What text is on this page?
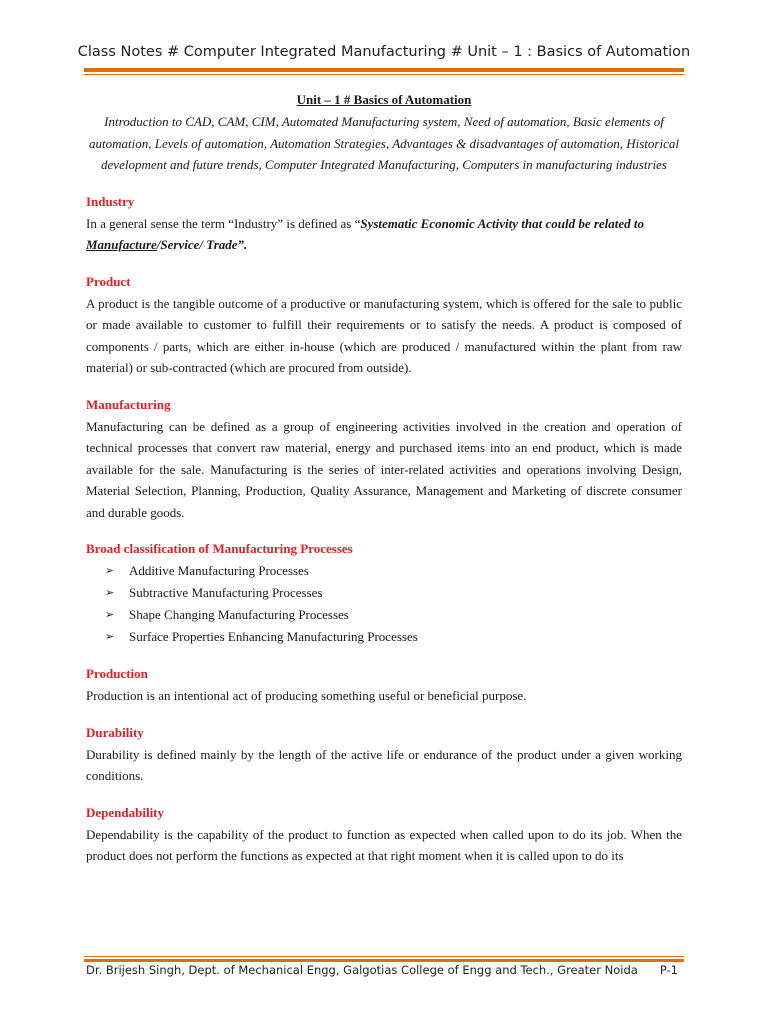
Class Notes # Computer Integrated Manufacturing # Unit – 1 : Basics of Automation
Unit – 1 # Basics of Automation

Introduction to CAD, CAM, CIM, Automated Manufacturing system, Need of automation, Basic elements of automation, Levels of automation, Automation Strategies, Advantages & disadvantages of automation, Historical development and future trends, Computer Integrated Manufacturing, Computers in manufacturing industries

Industry

In a general sense the term “Industry” is defined as “Systematic Economic Activity that could be related to Manufacture/Service/ Trade”.

Product

A product is the tangible outcome of a productive or manufacturing system, which is offered for the sale to public or made available to customer to fulfill their requirements or to satisfy the needs. A product is composed of components / parts, which are either in-house (which are produced / manufactured within the plant from raw material) or sub-contracted (which are procured from outside).

Manufacturing

Manufacturing can be defined as a group of engineering activities involved in the creation and operation of technical processes that convert raw material, energy and purchased items into an end product, which is made available for the sale. Manufacturing is the series of inter-related activities and operations involving Design, Material Selection, Planning, Production, Quality Assurance, Management and Marketing of discrete consumer and durable goods.

Broad classification of Manufacturing Processes
➢	Additive Manufacturing Processes
➢	Subtractive Manufacturing Processes
➢	Shape Changing Manufacturing Processes
➢	Surface Properties Enhancing Manufacturing Processes
Production

Production is an intentional act of producing something useful or beneficial purpose.

Durability

Durability is defined mainly by the length of the active life or endurance of the product under a given working conditions.

Dependability

Dependability is the capability of the product to function as expected when called upon to do its job. When the product does not perform the functions as expected at that right moment when it is called upon to do its

Dr. Brijesh Singh, Dept. of Mechanical Engg, Galgotias College of Engg and Tech., Greater Noida P-1
